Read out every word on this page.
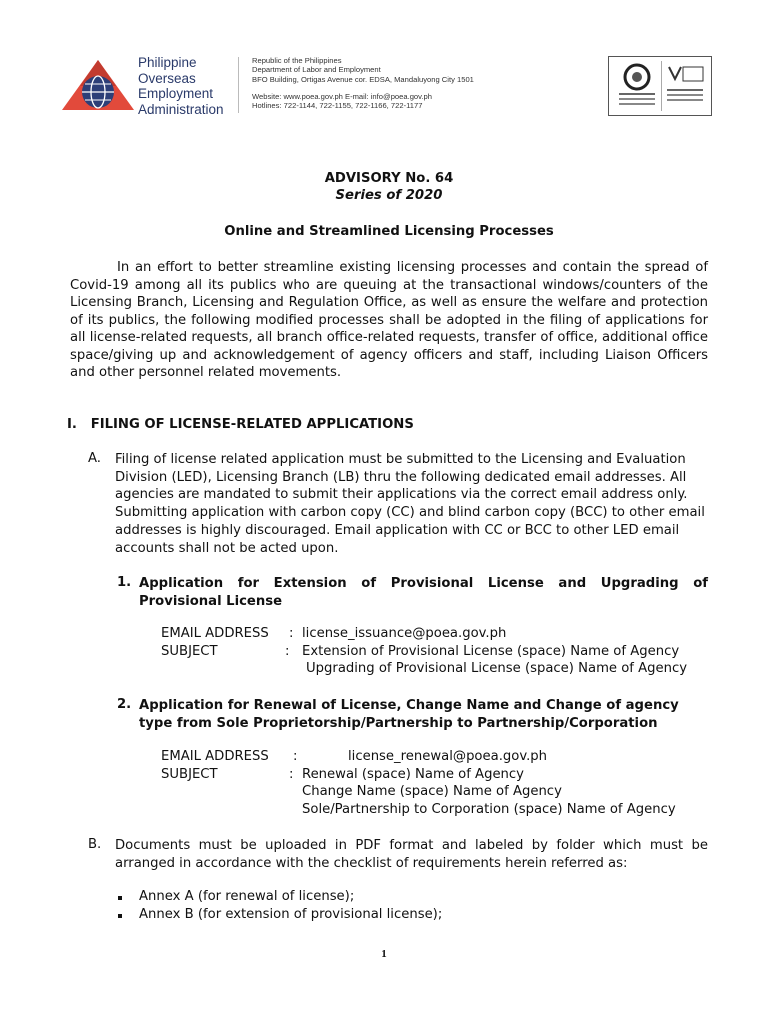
Philippine
Overseas
Employment
Administration
Republic of the Philippines
Department of Labor and Employment
BFO Building, Ortigas Avenue cor. EDSA, Mandaluyong City 1501
Website: www.poea.gov.ph E-mail: info@poea.gov.ph
Hotlines: 722-1144, 722-1155, 722-1166, 722-1177
ADVISORY No. 64
Series of 2020
Online and Streamlined Licensing Processes
In an effort to better streamline existing licensing processes and contain the spread of Covid-19 among all its publics who are queuing at the transactional windows/counters of the Licensing Branch, Licensing and Regulation Office, as well as ensure the welfare and protection of its publics, the following modified processes shall be adopted in the filing of applications for all license-related requests, all branch office-related requests, transfer of office, additional office space/giving up and acknowledgement of agency officers and staff, including Liaison Officers and other personnel related movements.
I.   FILING OF LICENSE-RELATED APPLICATIONS
A. Filing of license related application must be submitted to the Licensing and Evaluation Division (LED), Licensing Branch (LB) thru the following dedicated email addresses. All agencies are mandated to submit their applications via the correct email address only. Submitting application with carbon copy (CC) and blind carbon copy (BCC) to other email addresses is highly discouraged. Email application with CC or BCC to other LED email accounts shall not be acted upon.
1. Application for Extension of Provisional License and Upgrading of Provisional License
EMAIL ADDRESS : license_issuance@poea.gov.ph
SUBJECT	: Extension of Provisional License (space) Name of Agency
Upgrading of Provisional License (space) Name of Agency
2. Application for Renewal of License, Change Name and Change of agency type from Sole Proprietorship/Partnership to Partnership/Corporation
EMAIL ADDRESS :	license_renewal@poea.gov.ph
SUBJECT	: Renewal (space) Name of Agency
Change Name (space) Name of Agency
Sole/Partnership to Corporation (space) Name of Agency
B. Documents must be uploaded in PDF format and labeled by folder which must be arranged in accordance with the checklist of requirements herein referred as:
Annex A (for renewal of license);
Annex B (for extension of provisional license);
1
